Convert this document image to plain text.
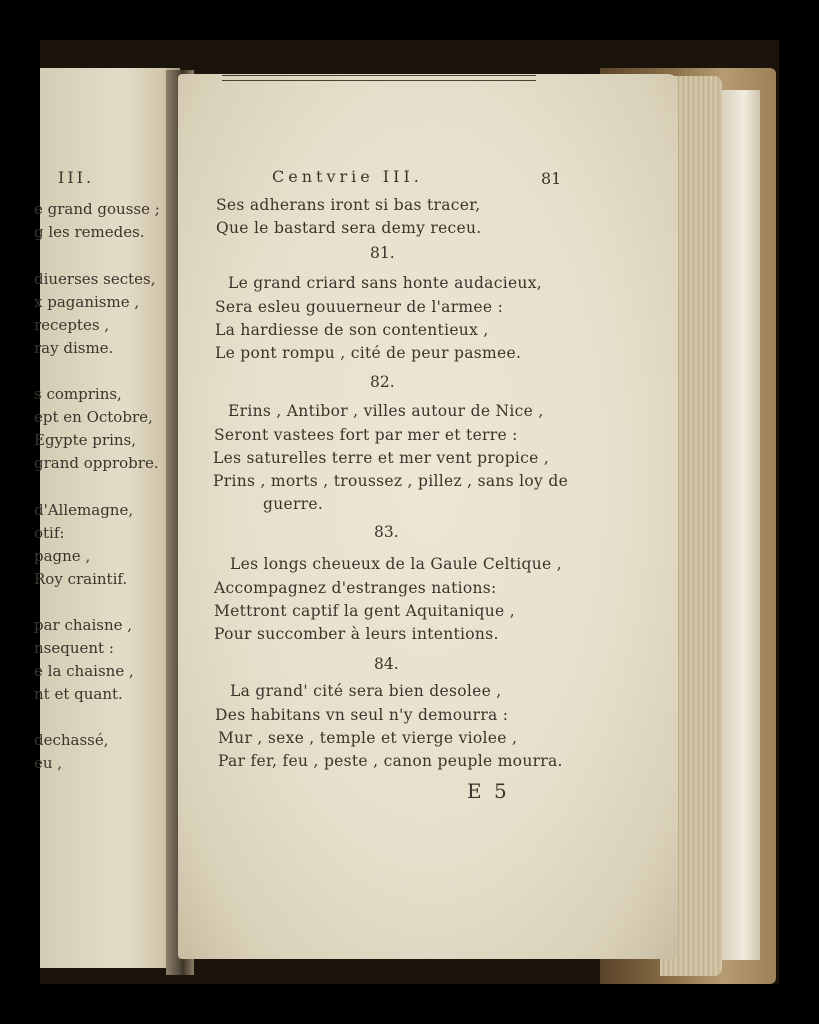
III.
e grand gousse ;
g les remedes.
diuerses sectes,
x paganisme ,
receptes ,
ray disme.
s comprins,
ept en Octobre,
Egypte prins,
grand opprobre.
d'Allemagne,
otif:
pagne ,
Roy craintif.
par chaisne ,
nsequent :
e la chaisne ,
nt et quant.
dechassé,
eu ,
Centvrie III.	81
Ses adherans iront si bas tracer,
Que le bastard sera demy receu.
81.
Le grand criard sans honte audacieux,
Sera esleu gouuerneur de l'armee :
La hardiesse de son contentieux ,
Le pont rompu , cité de peur pasmee.
82.
Erins , Antibor , villes autour de Nice ,
Seront vastees fort par mer et terre :
Les saturelles terre et mer vent propice ,
Prins , morts , troussez , pillez , sans loy de
guerre.
83.
Les longs cheueux de la Gaule Celtique ,
Accompagnez d'estranges nations:
Mettront captif la gent Aquitanique ,
Pour succomber à leurs intentions.
84.
La grand' cité sera bien desolee ,
Des habitans vn seul n'y demourra :
Mur , sexe , temple et vierge violee ,
Par fer, feu , peste , canon peuple mourra.
E 5
